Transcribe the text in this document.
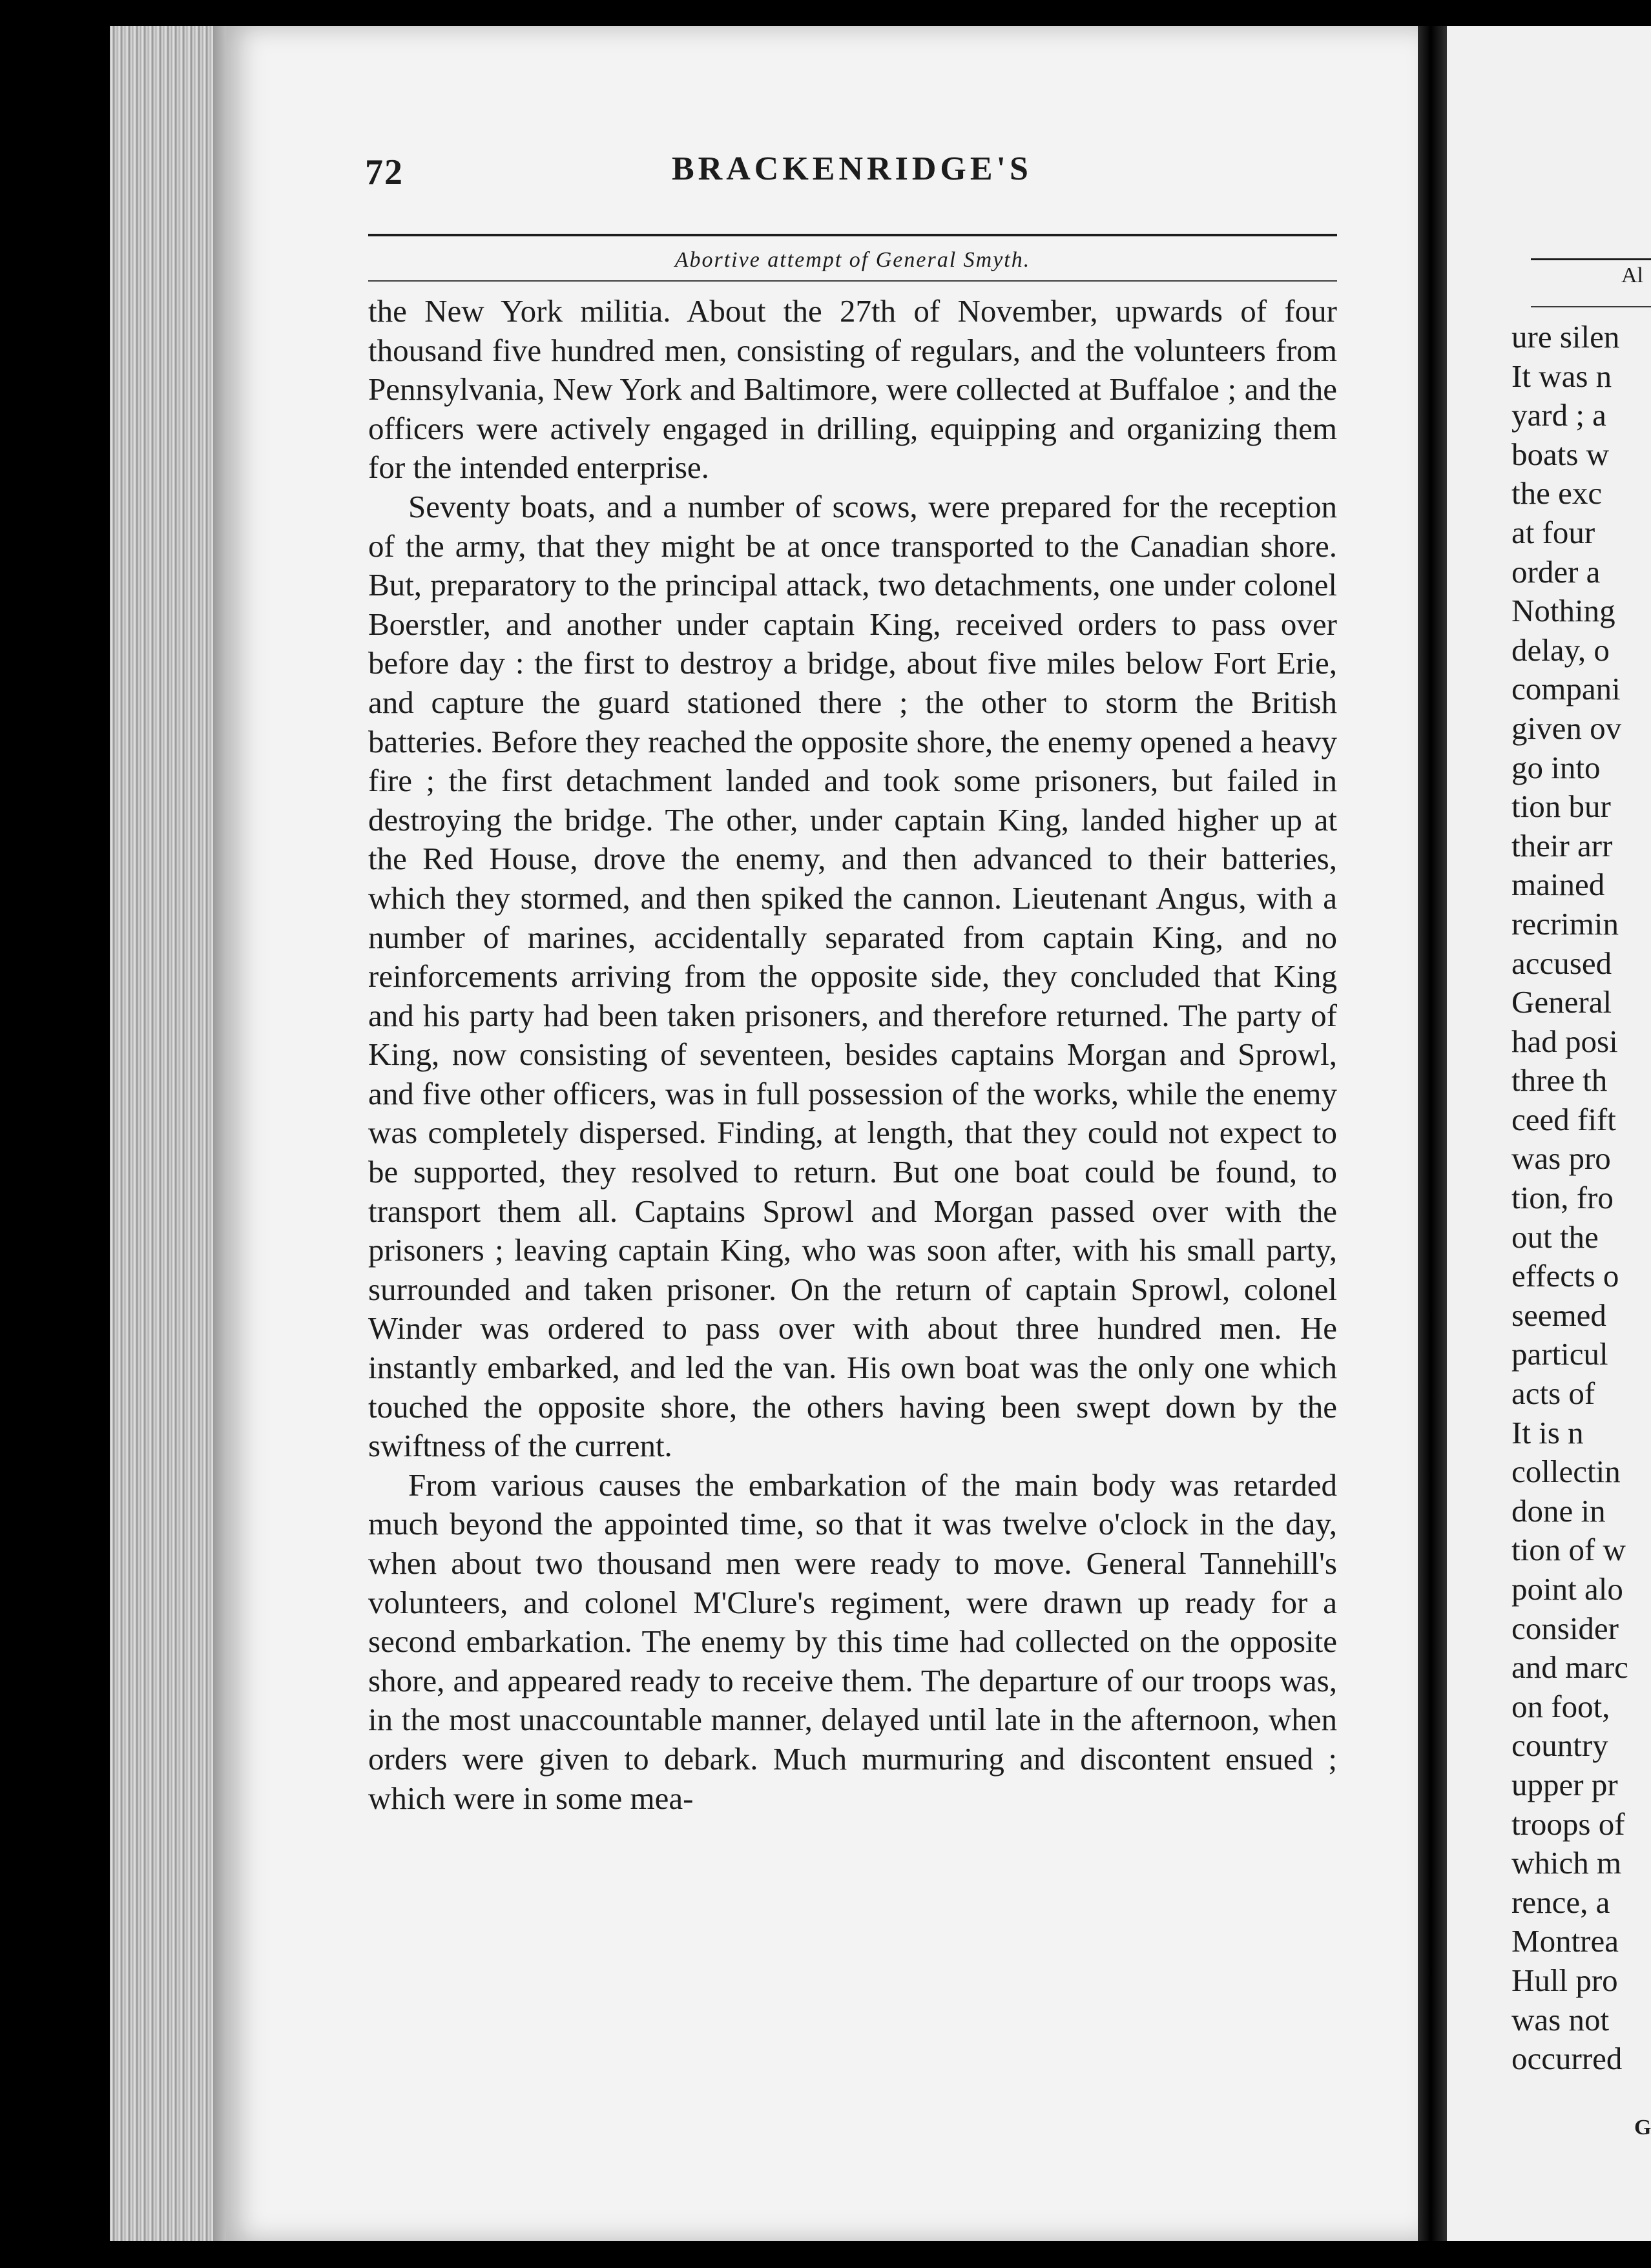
72	BRACKENRIDGE'S
Abortive attempt of General Smyth.

the New York militia. About the 27th of November, upwards of four thousand five hundred men, consisting of regulars, and the volunteers from Pennsylvania, New York and Baltimore, were collected at Buffaloe ; and the officers were actively engaged in drilling, equipping and organizing them for the intended enterprise.

Seventy boats, and a number of scows, were prepared for the reception of the army, that they might be at once transported to the Canadian shore. But, preparatory to the principal attack, two detachments, one under colonel Boerstler, and another under captain King, received orders to pass over before day : the first to destroy a bridge, about five miles below Fort Erie, and capture the guard stationed there ; the other to storm the British batteries. Before they reached the opposite shore, the enemy opened a heavy fire ; the first detachment landed and took some prisoners, but failed in destroying the bridge. The other, under captain King, landed higher up at the Red House, drove the enemy, and then advanced to their batteries, which they stormed, and then spiked the cannon. Lieutenant Angus, with a number of marines, accidentally separated from captain King, and no reinforcements arriving from the opposite side, they concluded that King and his party had been taken prisoners, and therefore returned. The party of King, now consisting of seventeen, besides captains Morgan and Sprowl, and five other officers, was in full possession of the works, while the enemy was completely dispersed. Finding, at length, that they could not expect to be supported, they resolved to return. But one boat could be found, to transport them all. Captains Sprowl and Morgan passed over with the prisoners ; leaving captain King, who was soon after, with his small party, surrounded and taken prisoner. On the return of captain Sprowl, colonel Winder was ordered to pass over with about three hundred men. He instantly embarked, and led the van. His own boat was the only one which touched the opposite shore, the others having been swept down by the swiftness of the current.

From various causes the embarkation of the main body was retarded much beyond the appointed time, so that it was twelve o'clock in the day, when about two thousand men were ready to move. General Tannehill's volunteers, and colonel M'Clure's regiment, were drawn up ready for a second embarkation. The enemy by this time had collected on the opposite shore, and appeared ready to receive them. The departure of our troops was, in the most unaccountable manner, delayed until late in the afternoon, when orders were given to debark. Much murmuring and discontent ensued ; which were in some mea-

Al
ure silen
It was n
yard ; a
boats w
the exc
at four
order a
Nothing
delay, o
compani
given ov
go into
tion bur
their arr
mained
recrimin
accused
General
had posi
three th
ceed fift
was pro
tion, fro
out the
effects o
seemed
particul
acts of
It is n
collectin
done in
tion of w
point alo
consider
and marc
on foot,
country
upper pr
troops of
which m
rence, a
Montrea
Hull pro
was not
occurred
G
